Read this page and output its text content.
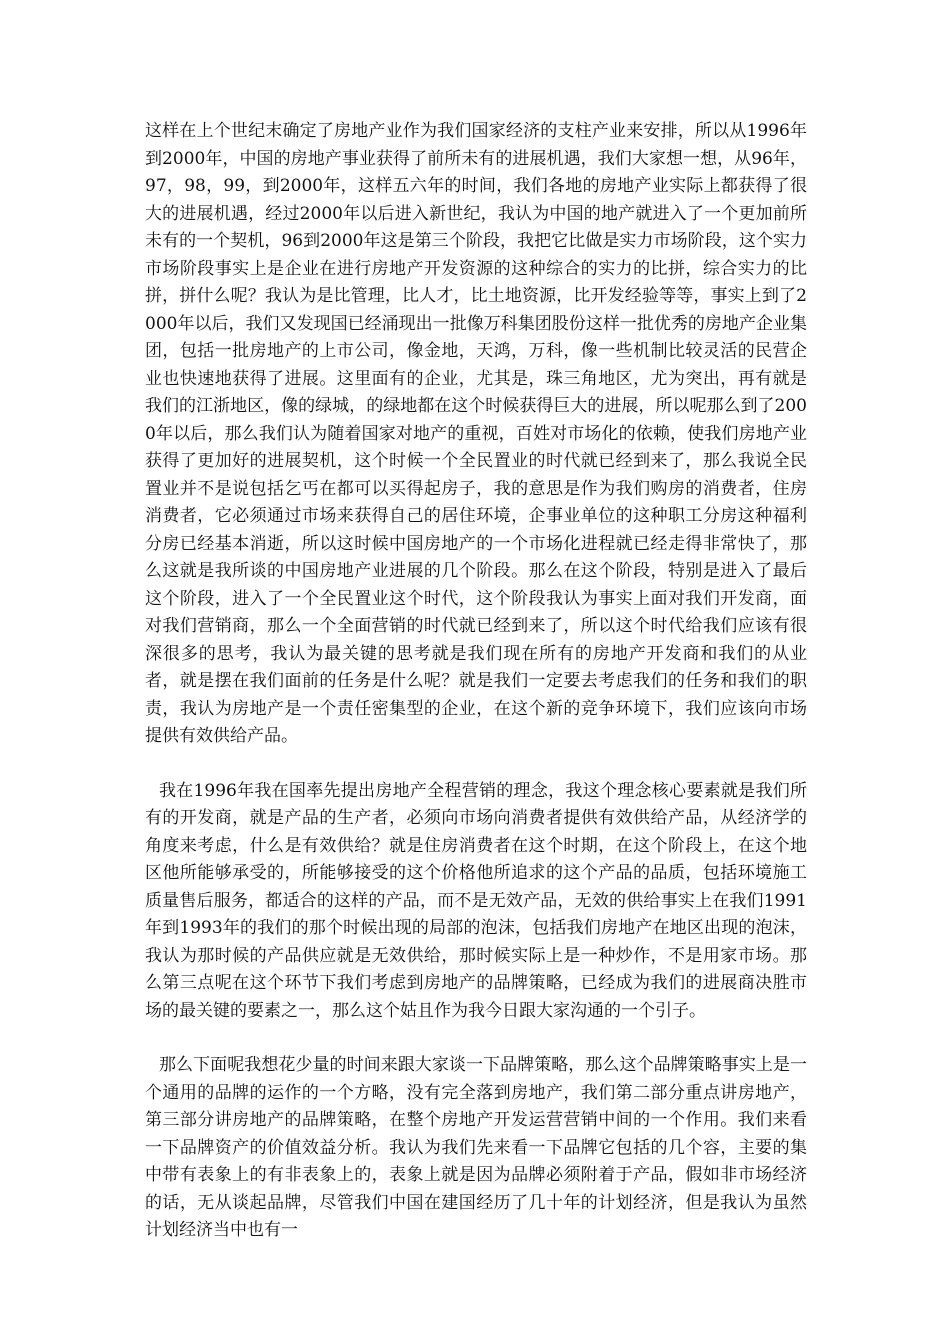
这样在上个世纪末确定了房地产业作为我们国家经济的支柱产业来安排，所以从1996年到2000年，中国的房地产事业获得了前所未有的进展机遇，我们大家想一想，从96年，97，98，99，到2000年，这样五六年的时间，我们各地的房地产业实际上都获得了很大的进展机遇，经过2000年以后进入新世纪，我认为中国的地产就进入了一个更加前所未有的一个契机，96到2000年这是第三个阶段，我把它比做是实力市场阶段，这个实力市场阶段事实上是企业在进行房地产开发资源的这种综合的实力的比拼，综合实力的比拼，拼什么呢？我认为是比管理，比人才，比土地资源，比开发经验等等，事实上到了2000年以后，我们又发现国已经涌现出一批像万科集团股份这样一批优秀的房地产企业集团，包括一批房地产的上市公司，像金地，天鸿，万科，像一些机制比较灵活的民营企业也快速地获得了进展。这里面有的企业，尤其是，珠三角地区，尤为突出，再有就是我们的江浙地区，像的绿城，的绿地都在这个时候获得巨大的进展，所以呢那么到了2000年以后，那么我们认为随着国家对地产的重视，百姓对市场化的依赖，使我们房地产业获得了更加好的进展契机，这个时候一个全民置业的时代就已经到来了，那么我说全民置业并不是说包括乞丐在都可以买得起房子，我的意思是作为我们购房的消费者，住房消费者，它必须通过市场来获得自己的居住环境，企事业单位的这种职工分房这种福利分房已经基本消逝，所以这时候中国房地产的一个市场化进程就已经走得非常快了，那么这就是我所谈的中国房地产业进展的几个阶段。那么在这个阶段，特别是进入了最后这个阶段，进入了一个全民置业这个时代，这个阶段我认为事实上面对我们开发商，面对我们营销商，那么一个全面营销的时代就已经到来了，所以这个时代给我们应该有很深很多的思考，我认为最关键的思考就是我们现在所有的房地产开发商和我们的从业者，就是摆在我们面前的任务是什么呢？就是我们一定要去考虑我们的任务和我们的职责，我认为房地产是一个责任密集型的企业，在这个新的竞争环境下，我们应该向市场提供有效供给产品。

我在1996年我在国率先提出房地产全程营销的理念，我这个理念核心要素就是我们所有的开发商，就是产品的生产者，必须向市场向消费者提供有效供给产品，从经济学的角度来考虑，什么是有效供给？就是住房消费者在这个时期，在这个阶段上，在这个地区他所能够承受的，所能够接受的这个价格他所追求的这个产品的品质，包括环境施工质量售后服务，都适合的这样的产品，而不是无效产品，无效的供给事实上在我们1991年到1993年的我们的那个时候出现的局部的泡沫，包括我们房地产在地区出现的泡沫，我认为那时候的产品供应就是无效供给，那时候实际上是一种炒作，不是用家市场。那么第三点呢在这个环节下我们考虑到房地产的品牌策略，已经成为我们的进展商决胜市场的最关键的要素之一，那么这个姑且作为我今日跟大家沟通的一个引子。

那么下面呢我想花少量的时间来跟大家谈一下品牌策略，那么这个品牌策略事实上是一个通用的品牌的运作的一个方略，没有完全落到房地产，我们第二部分重点讲房地产，第三部分讲房地产的品牌策略，在整个房地产开发运营营销中间的一个作用。我们来看一下品牌资产的价值效益分析。我认为我们先来看一下品牌它包括的几个容，主要的集中带有表象上的有非表象上的，表象上就是因为品牌必须附着于产品，假如非市场经济的话，无从谈起品牌，尽管我们中国在建国经历了几十年的计划经济，但是我认为虽然计划经济当中也有一
